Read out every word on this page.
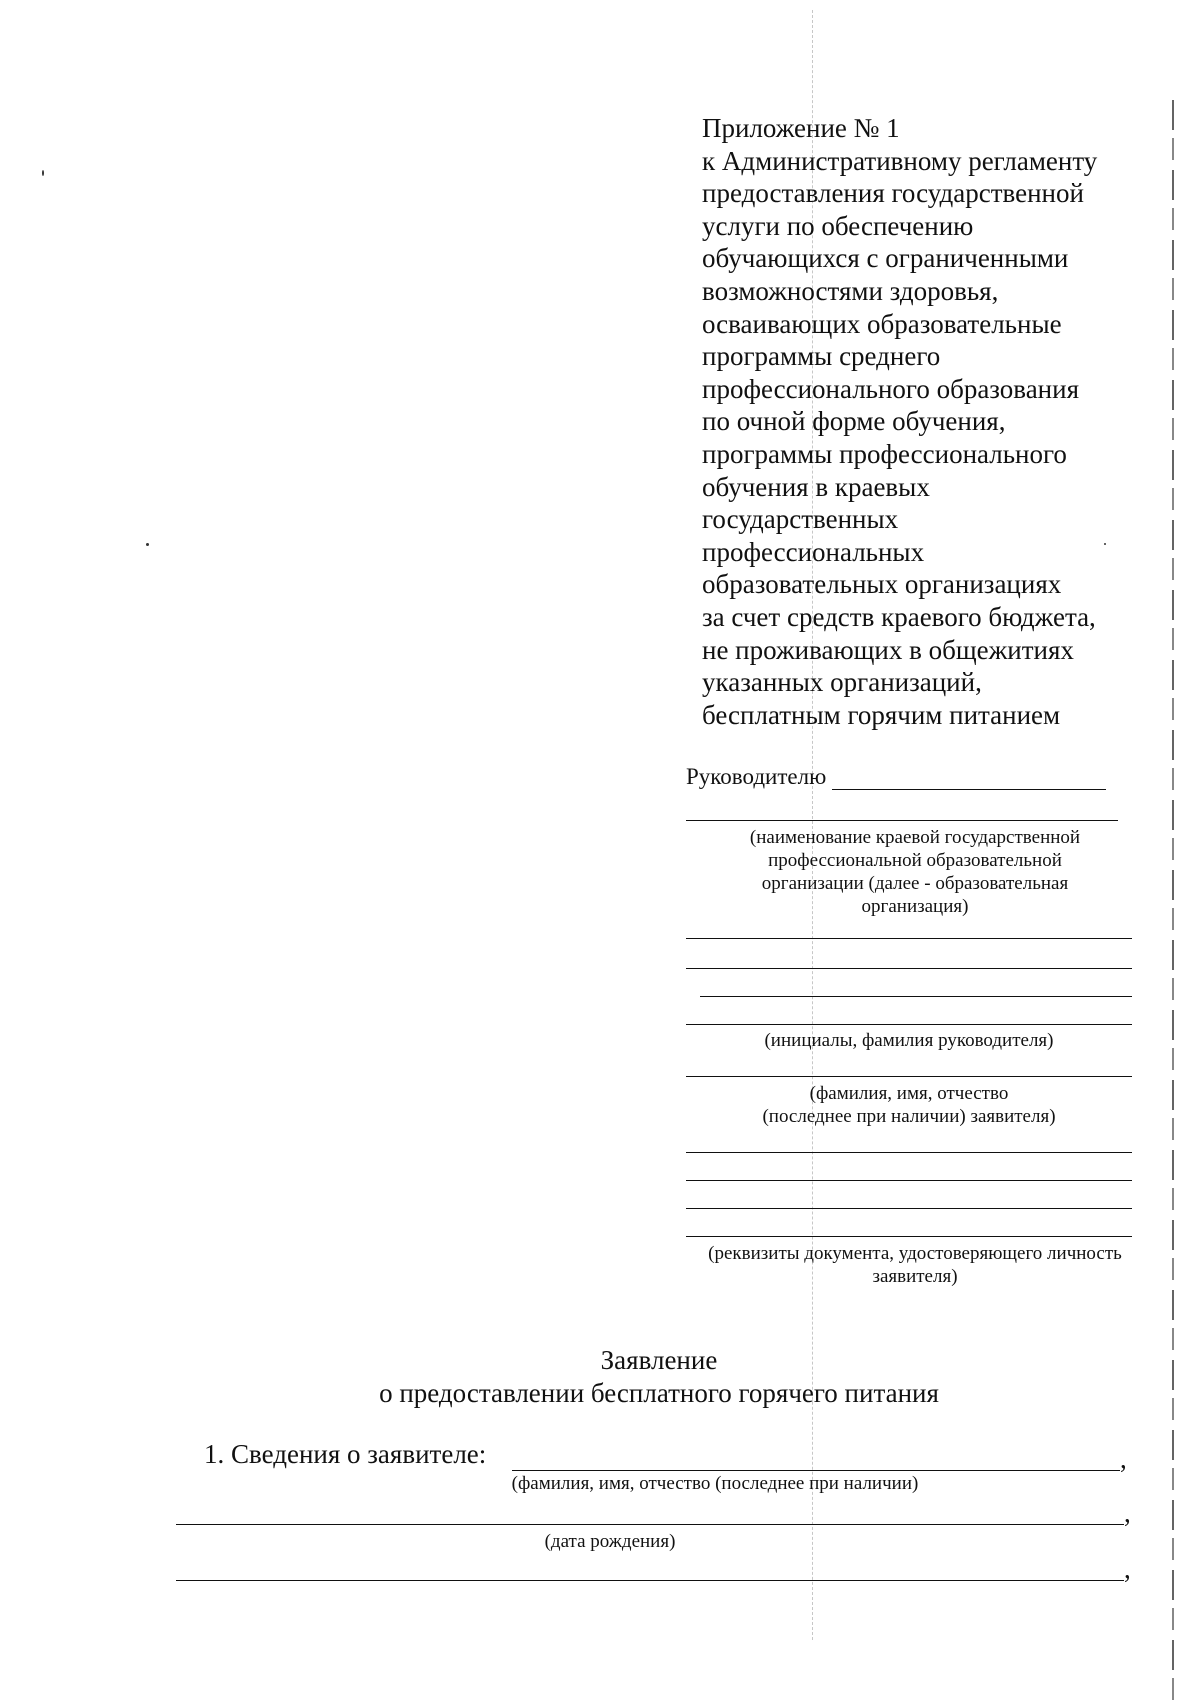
Приложение № 1
к Административному регламенту
предоставления государственной
услуги по обеспечению
обучающихся с ограниченными
возможностями здоровья,
осваивающих образовательные
программы среднего
профессионального образования
по очной форме обучения,
программы профессионального
обучения в краевых
государственных
профессиональных
образовательных организациях
за счет средств краевого бюджета,
не проживающих в общежитиях
указанных организаций,
бесплатным горячим питанием
Руководителю
(наименование краевой государственной
профессиональной образовательной
организации (далее - образовательная
организация)
(инициалы, фамилия руководителя)
(фамилия, имя, отчество
(последнее при наличии) заявителя)
(реквизиты документа, удостоверяющего личность
заявителя)
Заявление
о предоставлении бесплатного горячего питания
1. Сведения о заявителе:	,
(фамилия, имя, отчество (последнее при наличии)
,
(дата рождения)
,
